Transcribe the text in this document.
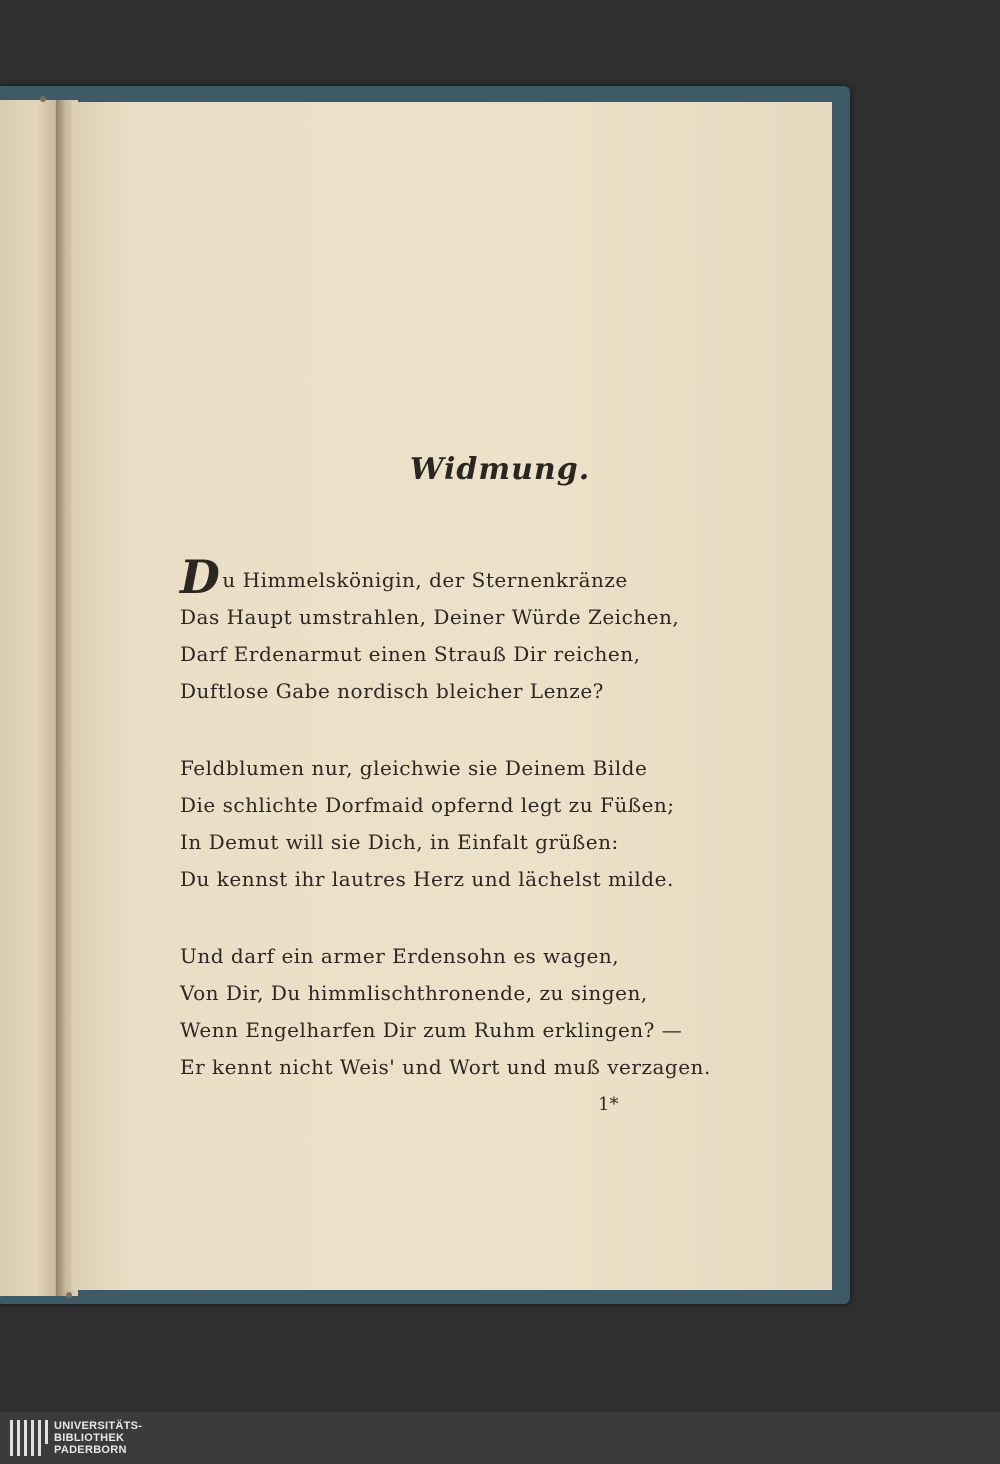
Widmung.
Du Himmelskönigin, der Sternenkränze
Das Haupt umstrahlen, Deiner Würde Zeichen,
Darf Erdenarmut einen Strauß Dir reichen,
Duftlose Gabe nordisch bleicher Lenze?
Feldblumen nur, gleichwie sie Deinem Bilde
Die schlichte Dorfmaid opfernd legt zu Füßen;
In Demut will sie Dich, in Einfalt grüßen:
Du kennst ihr lautres Herz und lächelst milde.
Und darf ein armer Erdensohn es wagen,
Von Dir, Du himmlischthronende, zu singen,
Wenn Engelharfen Dir zum Ruhm erklingen? —
Er kennt nicht Weis' und Wort und muß verzagen.
1*
UNIVERSITÄTS-
BIBLIOTHEK
PADERBORN
